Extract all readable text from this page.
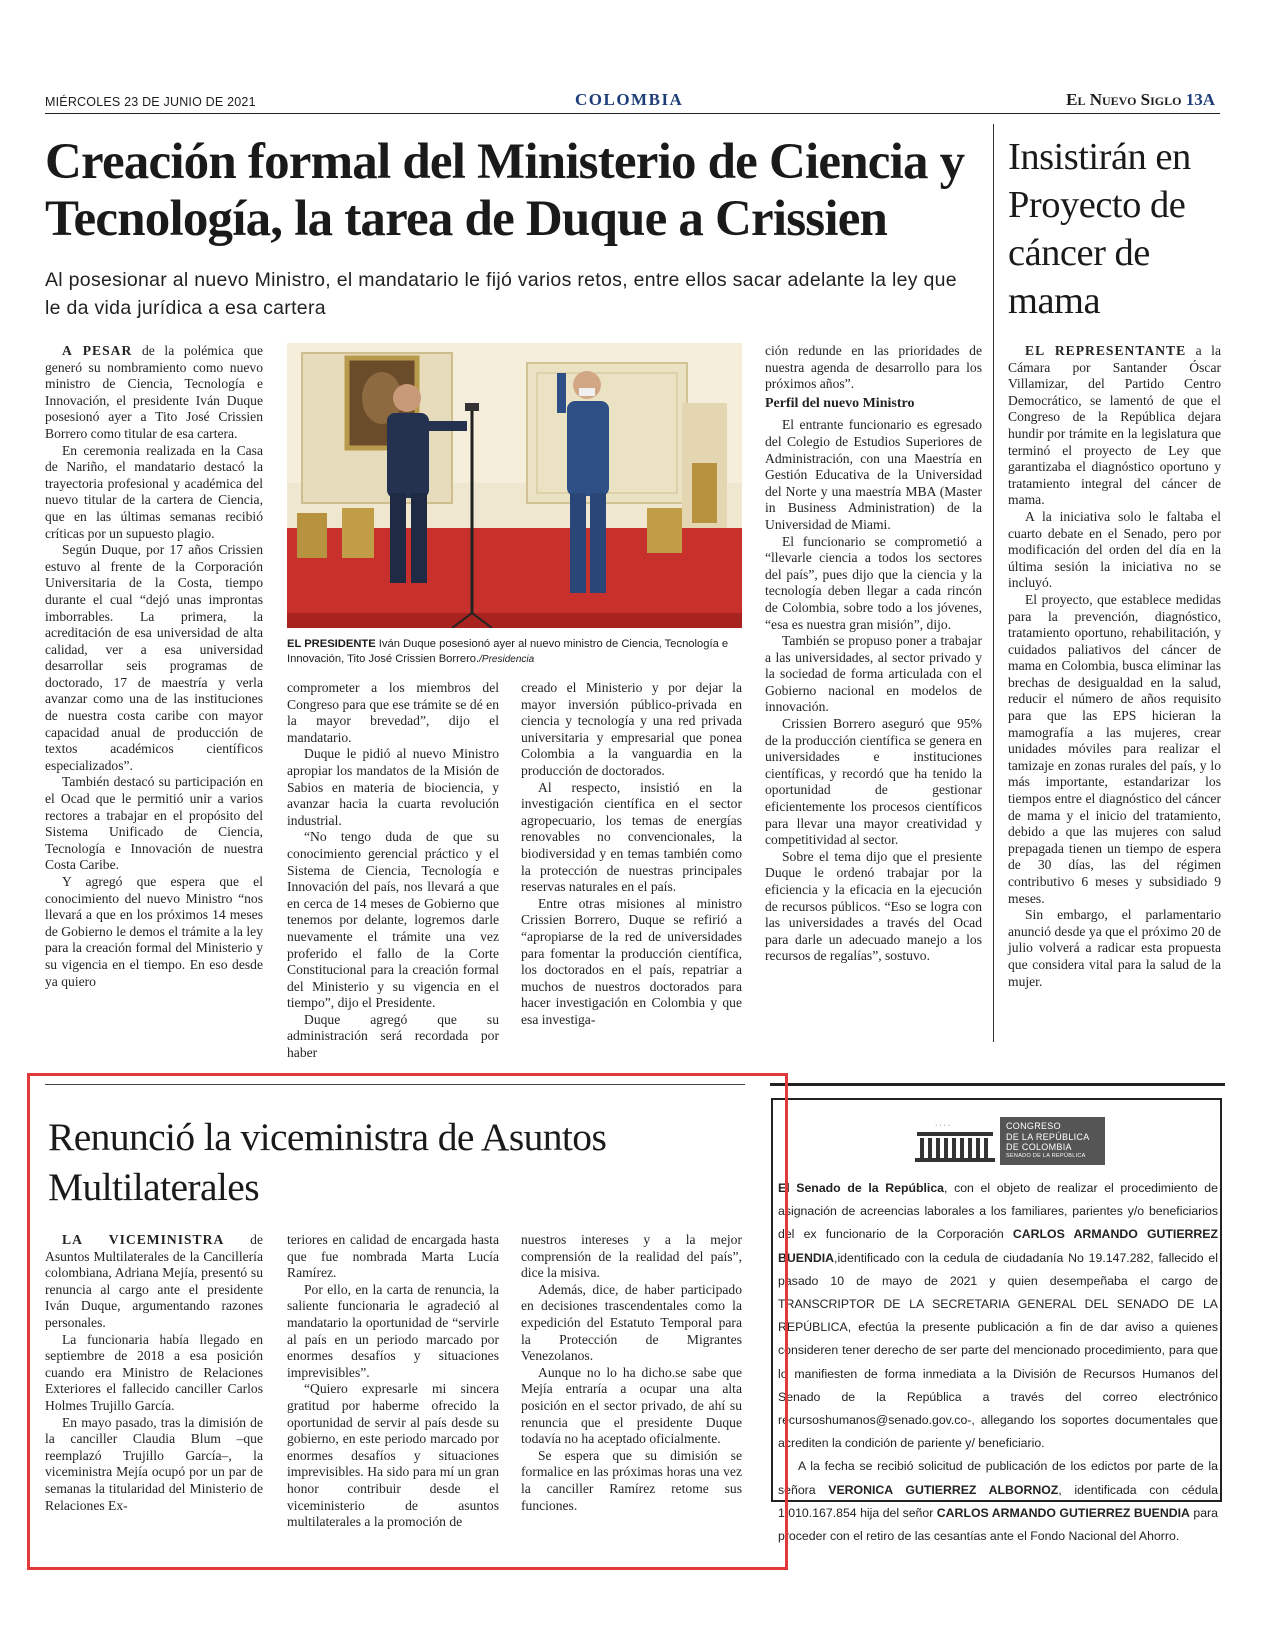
MIÉRCOLES 23 DE JUNIO DE 2021	COLOMBIA	El Nuevo Siglo 13A
Creación formal del Ministerio de Ciencia y Tecnología, la tarea de Duque a Crissien
Al posesionar al nuevo Ministro, el mandatario le fijó varios retos, entre ellos sacar adelante la ley que le da vida jurídica a esa cartera
Insistirán en Proyecto de cáncer de mama

A PESAR de la polémica que generó su nombramiento como nuevo ministro de Ciencia, Tecnología e Innovación, el presidente Iván Duque posesionó ayer a Tito José Crissien Borrero como titular de esa cartera.

En ceremonia realizada en la Casa de Nariño, el mandatario destacó la trayectoria profesional y académica del nuevo titular de la cartera de Ciencia, que en las últimas semanas recibió críticas por un supuesto plagio.

Según Duque, por 17 años Crissien estuvo al frente de la Corporación Universitaria de la Costa, tiempo durante el cual “dejó unas improntas imborrables. La primera, la acreditación de esa universidad de alta calidad, ver a esa universidad desarrollar seis programas de doctorado, 17 de maestría y verla avanzar como una de las instituciones de nuestra costa caribe con mayor capacidad anual de producción de textos académicos científicos especializados”.

También destacó su participación en el Ocad que le permitió unir a varios rectores a trabajar en el propósito del Sistema Unificado de Ciencia, Tecnología e Innovación de nuestra Costa Caribe.

Y agregó que espera que el conocimiento del nuevo Ministro “nos llevará a que en los próximos 14 meses de Gobierno le demos el trámite a la ley para la creación formal del Ministerio y su vigencia en el tiempo. En eso desde ya quiero

EL PRESIDENTE Iván Duque posesionó ayer al nuevo ministro de Ciencia, Tecnología e Innovación, Tito José Crissien Borrero./Presidencia

comprometer a los miembros del Congreso para que ese trámite se dé en la mayor brevedad”, dijo el mandatario.

Duque le pidió al nuevo Ministro apropiar los mandatos de la Misión de Sabios en materia de biociencia, y avanzar hacia la cuarta revolución industrial.

“No tengo duda de que su conocimiento gerencial práctico y el Sistema de Ciencia, Tecnología e Innovación del país, nos llevará a que en cerca de 14 meses de Gobierno que tenemos por delante, logremos darle nuevamente el trámite una vez proferido el fallo de la Corte Constitucional para la creación formal del Ministerio y su vigencia en el tiempo”, dijo el Presidente.

Duque agregó que su administración será recordada por haber

creado el Ministerio y por dejar la mayor inversión público-privada en ciencia y tecnología y una red privada universitaria y empresarial que ponea Colombia a la vanguardia en la producción de doctorados.

Al respecto, insistió en la investigación científica en el sector agropecuario, los temas de energías renovables no convencionales, la biodiversidad y en temas también como la protección de nuestras principales reservas naturales en el país.

Entre otras misiones al ministro Crissien Borrero, Duque se refirió a “apropiarse de la red de universidades para fomentar la producción científica, los doctorados en el país, repatriar a muchos de nuestros doctorados para hacer investigación en Colombia y que esa investiga-

ción redunde en las prioridades de nuestra agenda de desarrollo para los próximos años”.

Perfil del nuevo Ministro

El entrante funcionario es egresado del Colegio de Estudios Superiores de Administración, con una Maestría en Gestión Educativa de la Universidad del Norte y una maestría MBA (Master in Business Administration) de la Universidad de Miami.

El funcionario se comprometió a “llevarle ciencia a todos los sectores del país”, pues dijo que la ciencia y la tecnología deben llegar a cada rincón de Colombia, sobre todo a los jóvenes, “esa es nuestra gran misión”, dijo.

También se propuso poner a trabajar a las universidades, al sector privado y la sociedad de forma articulada con el Gobierno nacional en modelos de innovación.

Crissien Borrero aseguró que 95% de la producción científica se genera en universidades e instituciones científicas, y recordó que ha tenido la oportunidad de gestionar eficientemente los procesos científicos para llevar una mayor creatividad y competitividad al sector.

Sobre el tema dijo que el presiente Duque le ordenó trabajar por la eficiencia y la eficacia en la ejecución de recursos públicos. “Eso se logra con las universidades a través del Ocad para darle un adecuado manejo a los recursos de regalías”, sostuvo.

EL REPRESENTANTE a la Cámara por Santander Óscar Villamizar, del Partido Centro Democrático, se lamentó de que el Congreso de la República dejara hundir por trámite en la legislatura que terminó el proyecto de Ley que garantizaba el diagnóstico oportuno y tratamiento integral del cáncer de mama.

A la iniciativa solo le faltaba el cuarto debate en el Senado, pero por modificación del orden del día en la última sesión la iniciativa no se incluyó.

El proyecto, que establece medidas para la prevención, diagnóstico, tratamiento oportuno, rehabilitación, y cuidados paliativos del cáncer de mama en Colombia, busca eliminar las brechas de desigualdad en la salud, reducir el número de años requisito para que las EPS hicieran la mamografía a las mujeres, crear unidades móviles para realizar el tamizaje en zonas rurales del país, y lo más importante, estandarizar los tiempos entre el diagnóstico del cáncer de mama y el inicio del tratamiento, debido a que las mujeres con salud prepagada tienen un tiempo de espera de 30 días, las del régimen contributivo 6 meses y subsidiado 9 meses.

Sin embargo, el parlamentario anunció desde ya que el próximo 20 de julio volverá a radicar esta propuesta que considera vital para la salud de la mujer.

Renunció la viceministra de Asuntos Multilaterales

LA VICEMINISTRA de Asuntos Multilaterales de la Cancillería colombiana, Adriana Mejía, presentó su renuncia al cargo ante el presidente Iván Duque, argumentando razones personales.

La funcionaria había llegado en septiembre de 2018 a esa posición cuando era Ministro de Relaciones Exteriores el fallecido canciller Carlos Holmes Trujillo García.

En mayo pasado, tras la dimisión de la canciller Claudia Blum –que reemplazó Trujillo García–, la viceministra Mejía ocupó por un par de semanas la titularidad del Ministerio de Relaciones Ex-

teriores en calidad de encargada hasta que fue nombrada Marta Lucía Ramírez.

Por ello, en la carta de renuncia, la saliente funcionaria le agradeció al mandatario la oportunidad de “servirle al país en un periodo marcado por enormes desafíos y situaciones imprevisibles”.

“Quiero expresarle mi sincera gratitud por haberme ofrecido la oportunidad de servir al país desde su gobierno, en este periodo marcado por enormes desafíos y situaciones imprevisibles. Ha sido para mí un gran honor contribuir desde el viceministerio de asuntos multilaterales a la promoción de

nuestros intereses y a la mejor comprensión de la realidad del país”, dice la misiva.

Además, dice, de haber participado en decisiones trascendentales como la expedición del Estatuto Temporal para la Protección de Migrantes Venezolanos.

Aunque no lo ha dicho.se sabe que Mejía entraría a ocupar una alta posición en el sector privado, de ahí su renuncia que el presidente Duque todavía no ha aceptado oficialmente.

Se espera que su dimisión se formalice en las próximas horas una vez la canciller Ramírez retome sus funciones.

· · · ·	CONGRESO
DE LA REPÚBLICA
DE COLOMBIA
SENADO DE LA REPÚBLICA

El Senado de la República, con el objeto de realizar el procedimiento de asignación de acreencias laborales a los familiares, parientes y/o beneficiarios del ex funcionario de la Corporación CARLOS ARMANDO GUTIERREZ BUENDIA,identificado con la cedula de ciudadanía No 19.147.282, fallecido el pasado 10 de mayo de 2021 y quien desempeñaba el cargo de TRANSCRIPTOR DE LA SECRETARIA GENERAL DEL SENADO DE LA REPÚBLICA, efectúa la presente publicación a fin de dar aviso a quienes consideren tener derecho de ser parte del mencionado procedimiento, para que lo manifiesten de forma inmediata a la División de Recursos Humanos del Senado de la República a través del correo electrónico recursoshumanos@senado.gov.co-, allegando los soportes documentales que acrediten la condición de pariente y/ beneficiario.

A la fecha se recibió solicitud de publicación de los edictos por parte de la señora VERONICA GUTIERREZ ALBORNOZ, identificada con cédula 1.010.167.854 hija del señor CARLOS ARMANDO GUTIERREZ BUENDIA para proceder con el retiro de las cesantías ante el Fondo Nacional del Ahorro.
